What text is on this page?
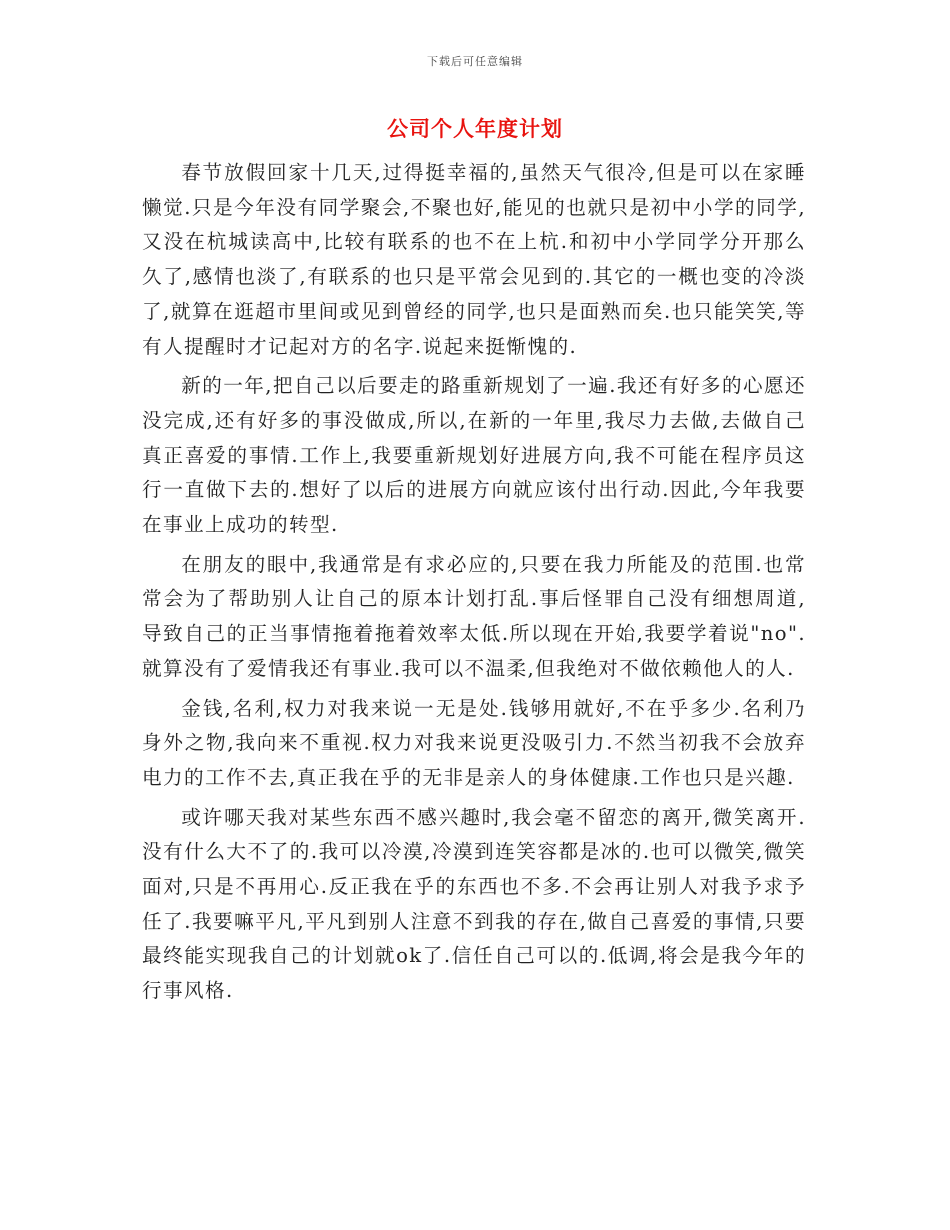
下载后可任意编辑
公司个人年度计划

春节放假回家十几天,过得挺幸福的,虽然天气很冷,但是可以在家睡懒觉.只是今年没有同学聚会,不聚也好,能见的也就只是初中小学的同学,又没在杭城读高中,比较有联系的也不在上杭.和初中小学同学分开那么久了,感情也淡了,有联系的也只是平常会见到的.其它的一概也变的冷淡了,就算在逛超市里间或见到曾经的同学,也只是面熟而矣.也只能笑笑,等有人提醒时才记起对方的名字.说起来挺惭愧的.

新的一年,把自己以后要走的路重新规划了一遍.我还有好多的心愿还没完成,还有好多的事没做成,所以,在新的一年里,我尽力去做,去做自己真正喜爱的事情.工作上,我要重新规划好进展方向,我不可能在程序员这行一直做下去的.想好了以后的进展方向就应该付出行动.因此,今年我要在事业上成功的转型.

在朋友的眼中,我通常是有求必应的,只要在我力所能及的范围.也常常会为了帮助别人让自己的原本计划打乱.事后怪罪自己没有细想周道,导致自己的正当事情拖着拖着效率太低.所以现在开始,我要学着说"no".就算没有了爱情我还有事业.我可以不温柔,但我绝对不做依赖他人的人.

金钱,名利,权力对我来说一无是处.钱够用就好,不在乎多少.名利乃身外之物,我向来不重视.权力对我来说更没吸引力.不然当初我不会放弃电力的工作不去,真正我在乎的无非是亲人的身体健康.工作也只是兴趣.

或许哪天我对某些东西不感兴趣时,我会毫不留恋的离开,微笑离开.没有什么大不了的.我可以冷漠,冷漠到连笑容都是冰的.也可以微笑,微笑面对,只是不再用心.反正我在乎的东西也不多.不会再让别人对我予求予任了.我要嘛平凡,平凡到别人注意不到我的存在,做自己喜爱的事情,只要最终能实现我自己的计划就ok了.信任自己可以的.低调,将会是我今年的行事风格.
